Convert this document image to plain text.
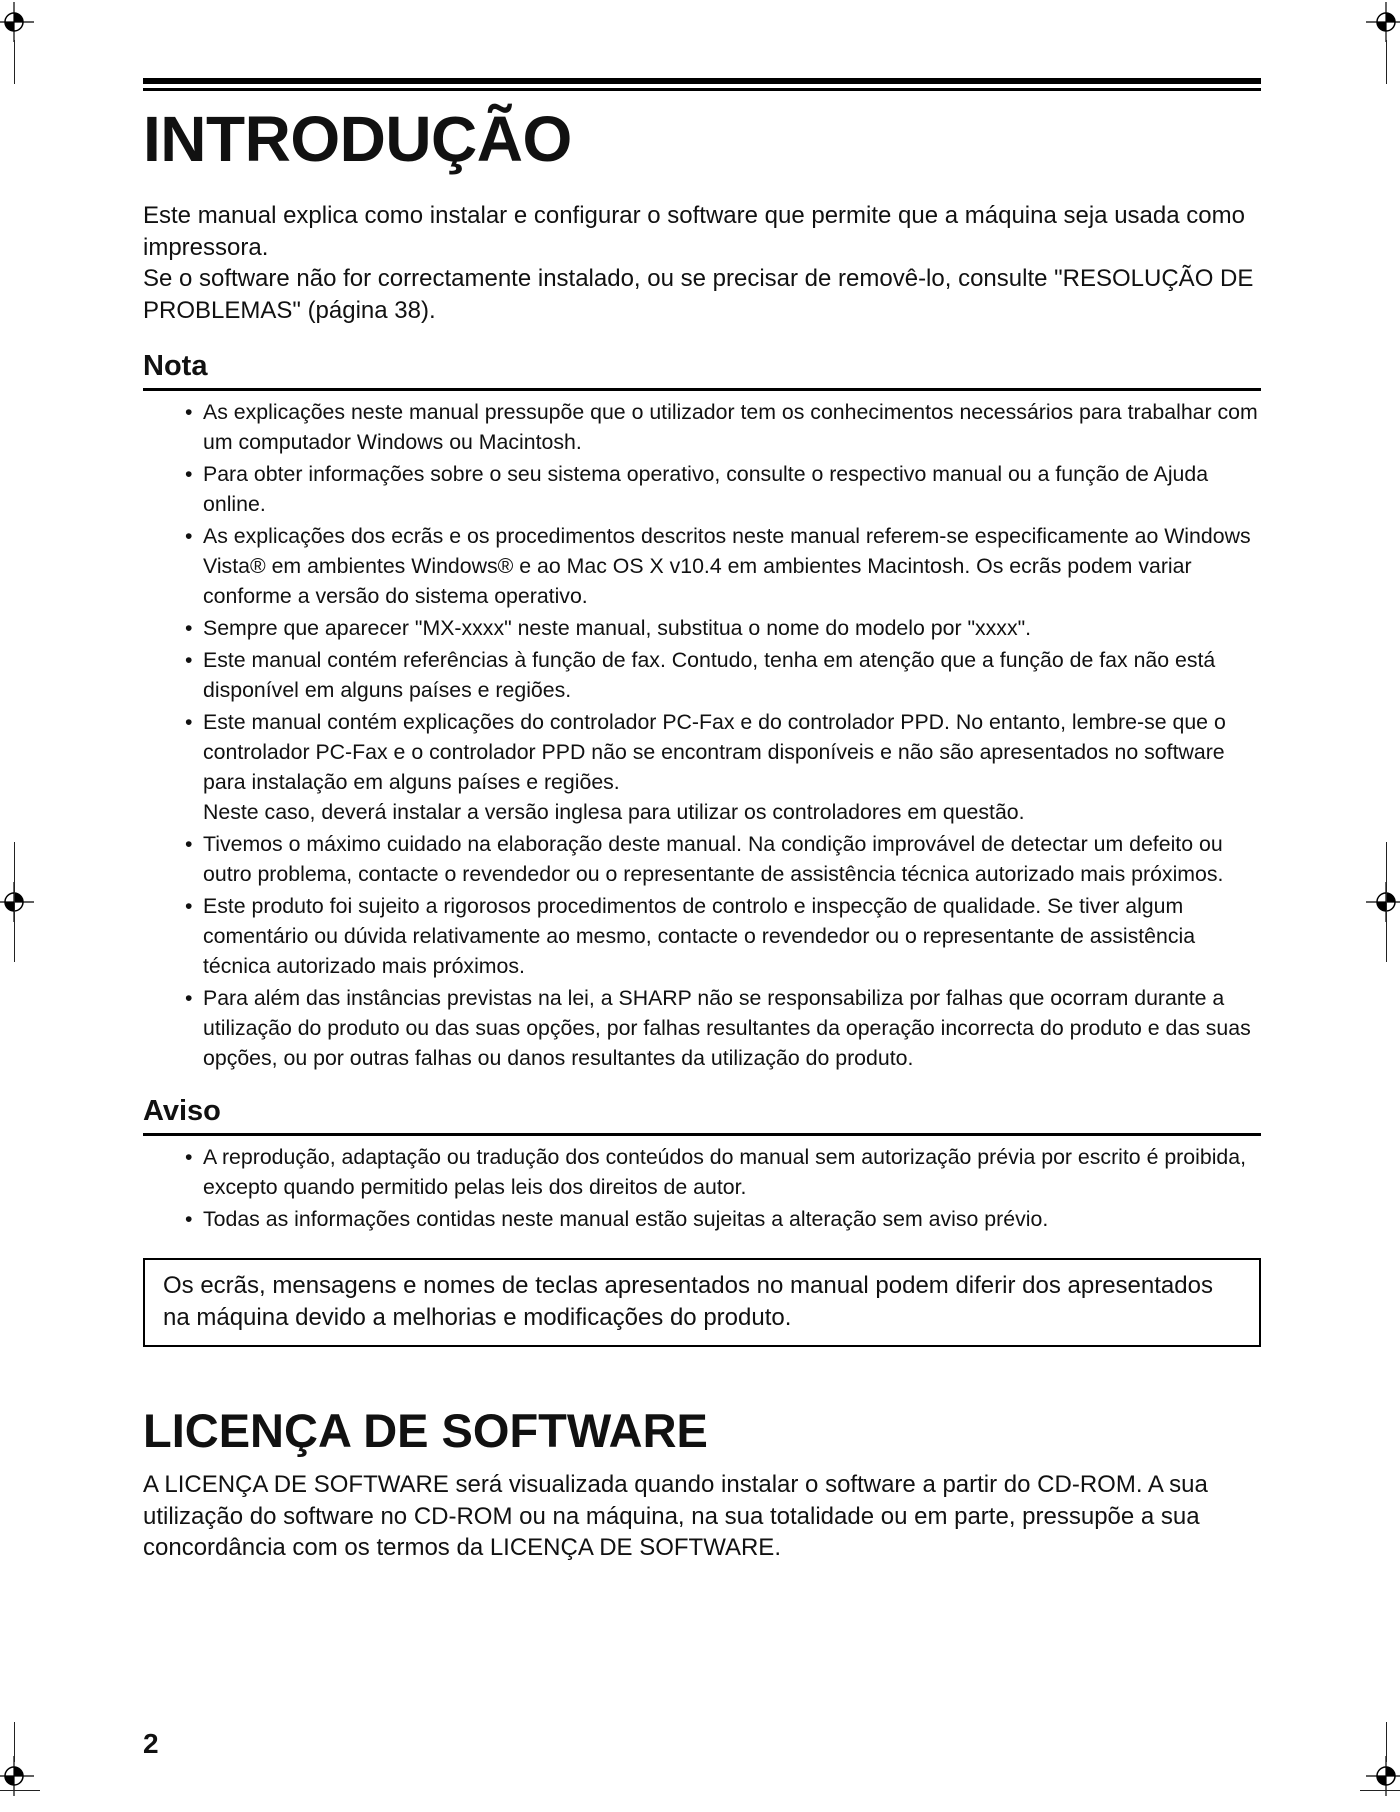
INTRODUÇÃO

Este manual explica como instalar e configurar o software que permite que a máquina seja usada como impressora.

Se o software não for correctamente instalado, ou se precisar de removê-lo, consulte "RESOLUÇÃO DE PROBLEMAS" (página 38).

Nota
• As explicações neste manual pressupõe que o utilizador tem os conhecimentos necessários para trabalhar com um computador Windows ou Macintosh.
• Para obter informações sobre o seu sistema operativo, consulte o respectivo manual ou a função de Ajuda online.
• As explicações dos ecrãs e os procedimentos descritos neste manual referem-se especificamente ao Windows Vista® em ambientes Windows® e ao Mac OS X v10.4 em ambientes Macintosh. Os ecrãs podem variar conforme a versão do sistema operativo.
• Sempre que aparecer "MX-xxxx" neste manual, substitua o nome do modelo por "xxxx".
• Este manual contém referências à função de fax. Contudo, tenha em atenção que a função de fax não está disponível em alguns países e regiões.
• Este manual contém explicações do controlador PC-Fax e do controlador PPD. No entanto, lembre-se que o controlador PC-Fax e o controlador PPD não se encontram disponíveis e não são apresentados no software para instalação em alguns países e regiões.
Neste caso, deverá instalar a versão inglesa para utilizar os controladores em questão.
• Tivemos o máximo cuidado na elaboração deste manual. Na condição improvável de detectar um defeito ou outro problema, contacte o revendedor ou o representante de assistência técnica autorizado mais próximos.
• Este produto foi sujeito a rigorosos procedimentos de controlo e inspecção de qualidade. Se tiver algum comentário ou dúvida relativamente ao mesmo, contacte o revendedor ou o representante de assistência técnica autorizado mais próximos.
• Para além das instâncias previstas na lei, a SHARP não se responsabiliza por falhas que ocorram durante a utilização do produto ou das suas opções, por falhas resultantes da operação incorrecta do produto e das suas opções, ou por outras falhas ou danos resultantes da utilização do produto.
Aviso
• A reprodução, adaptação ou tradução dos conteúdos do manual sem autorização prévia por escrito é proibida, excepto quando permitido pelas leis dos direitos de autor.
• Todas as informações contidas neste manual estão sujeitas a alteração sem aviso prévio.
Os ecrãs, mensagens e nomes de teclas apresentados no manual podem diferir dos apresentados na máquina devido a melhorias e modificações do produto.
LICENÇA DE SOFTWARE

A LICENÇA DE SOFTWARE será visualizada quando instalar o software a partir do CD-ROM. A sua utilização do software no CD-ROM ou na máquina, na sua totalidade ou em parte, pressupõe a sua concordância com os termos da LICENÇA DE SOFTWARE.

2
